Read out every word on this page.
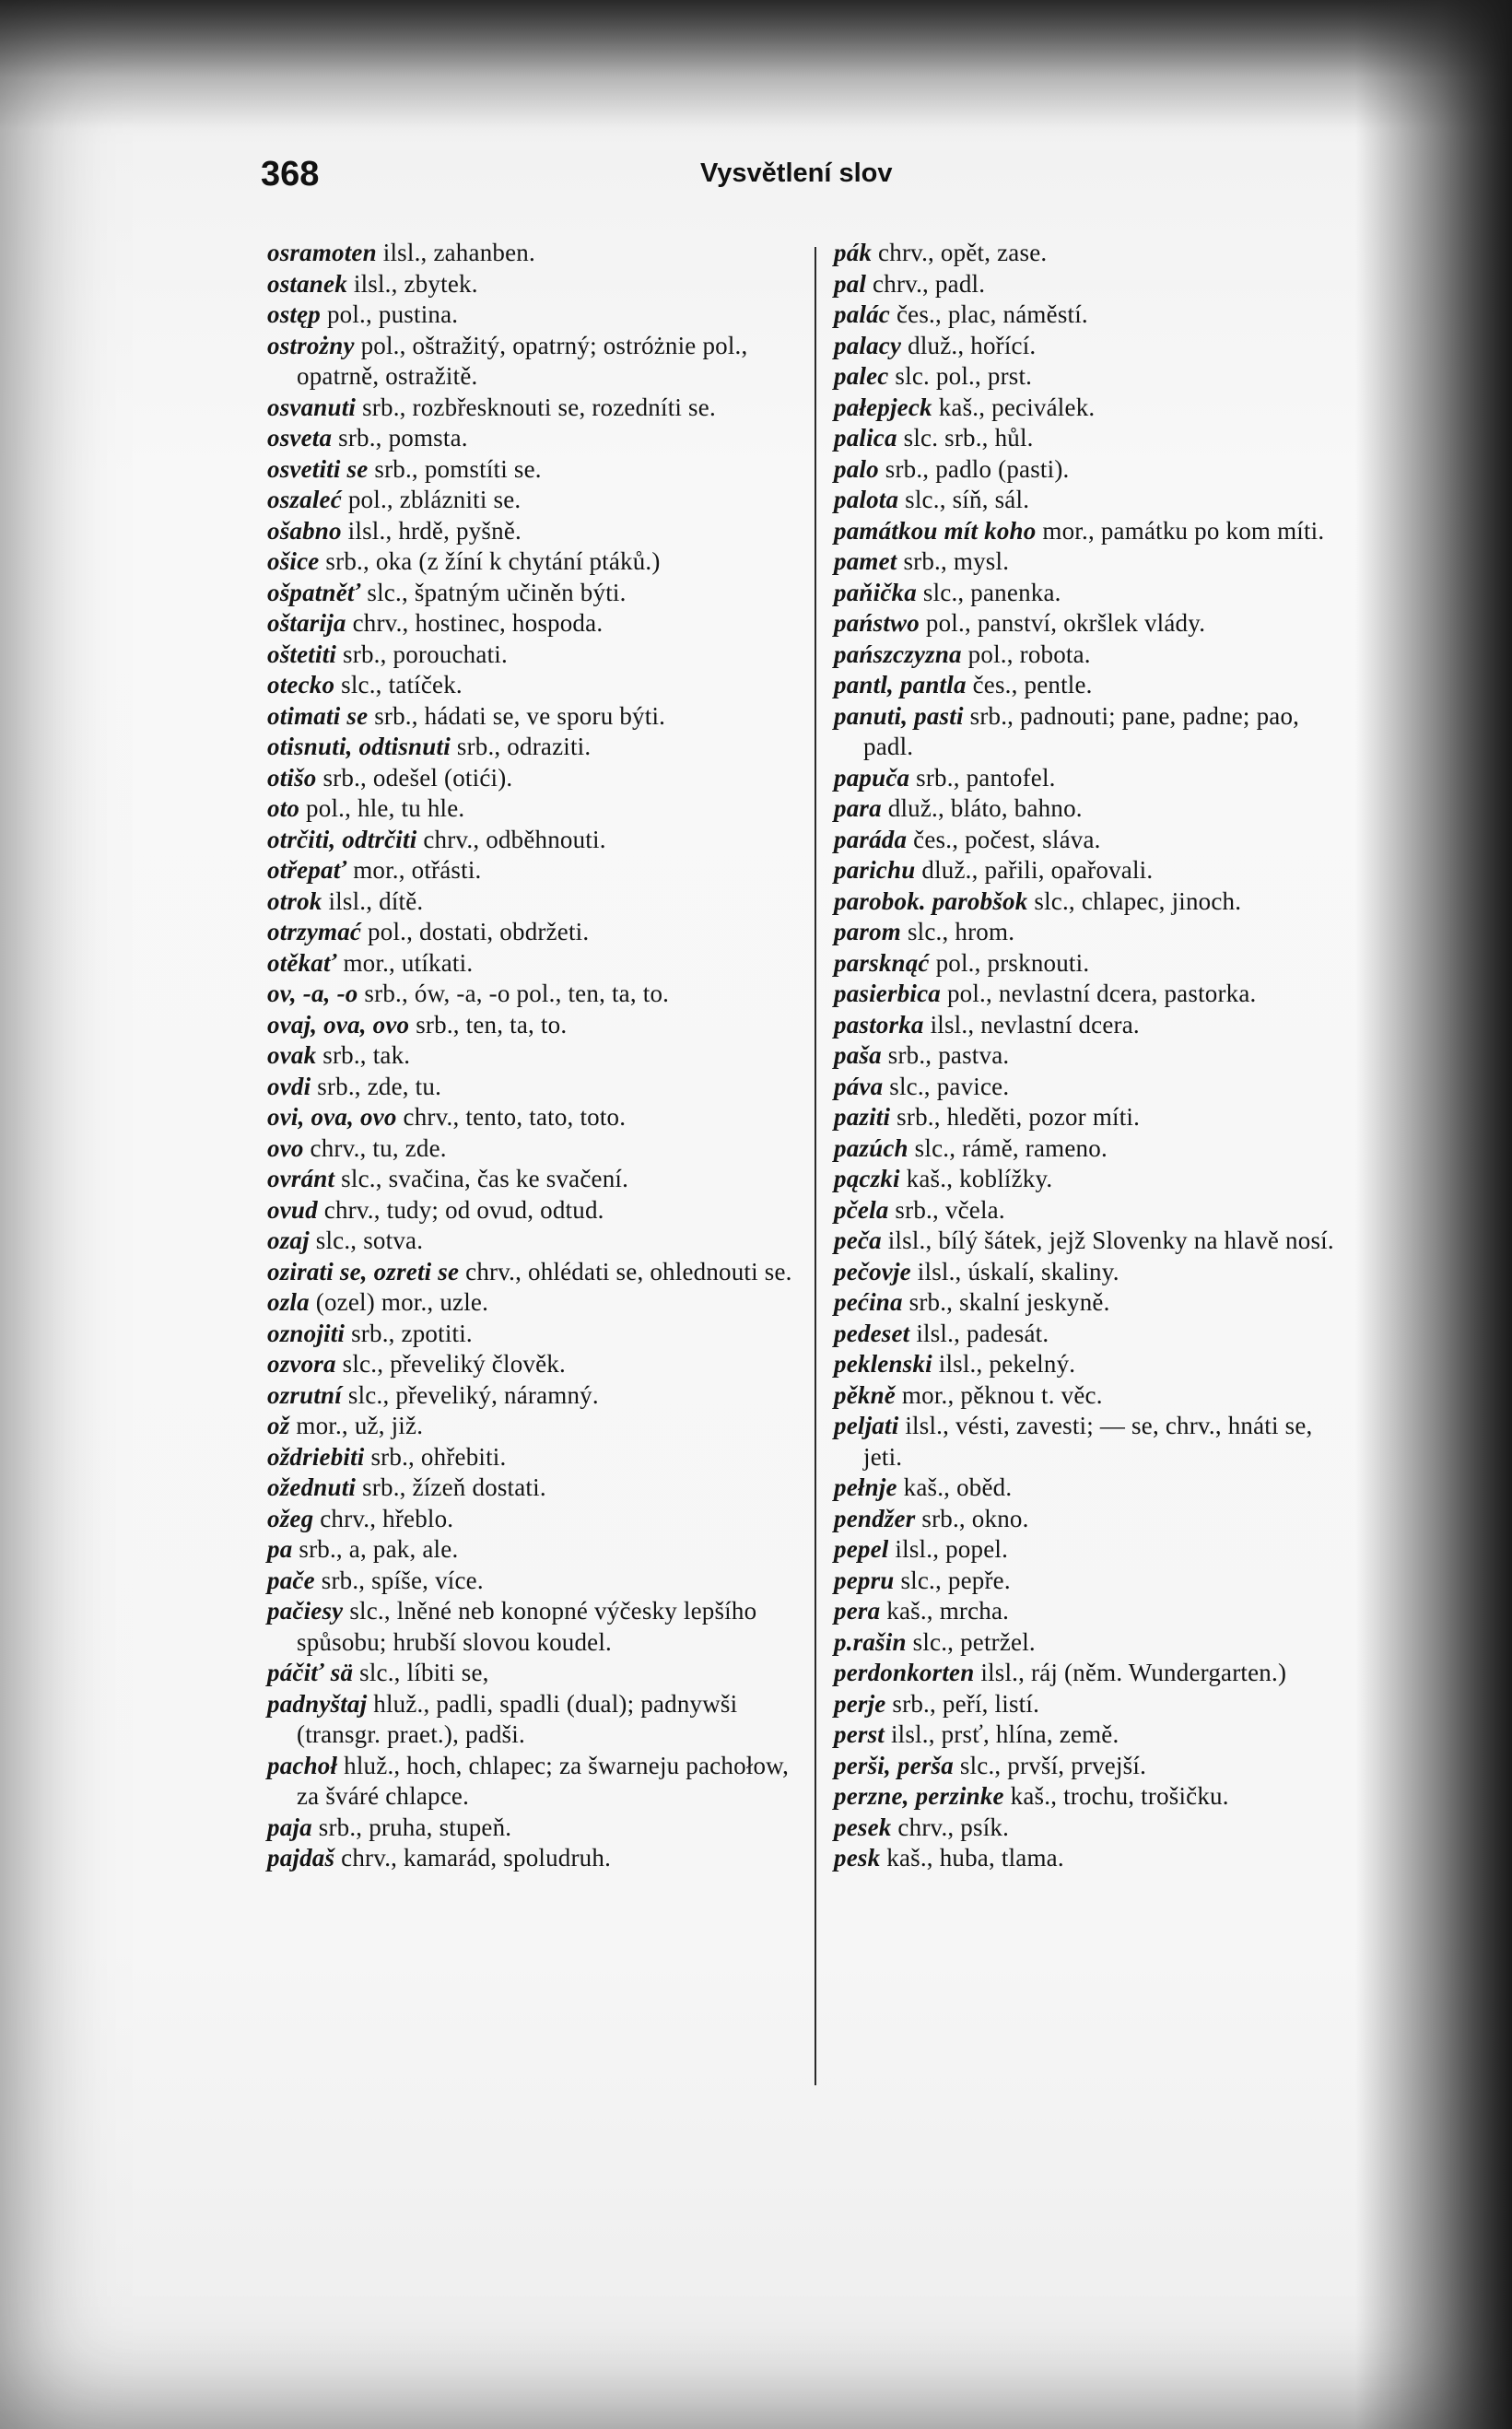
368	Vysvětlení slov

osramoten ilsl., zahanben.

ostanek ilsl., zbytek.

ostęp pol., pustina.

ostrożny pol., oštražitý, opatrný; ostróżnie pol., opatrně, ostražitě.

osvanuti srb., rozbřesknouti se, rozedníti se.

osveta srb., pomsta.

osvetiti se srb., pomstíti se.

oszaleć pol., zblázniti se.

ošabno ilsl., hrdě, pyšně.

ošice srb., oka (z žíní k chytání ptáků.)

ošpatněť slc., špatným učiněn býti.

oštarija chrv., hostinec, hospoda.

oštetiti srb., porouchati.

otecko slc., tatíček.

otimati se srb., hádati se, ve sporu býti.

otisnuti, odtisnuti srb., odraziti.

otišo srb., odešel (otići).

oto pol., hle, tu hle.

otrčiti, odtrčiti chrv., odběhnouti.

otřepať mor., otřásti.

otrok ilsl., dítě.

otrzymać pol., dostati, obdržeti.

otěkať mor., utíkati.

ov, -a, -o srb., ów, -a, -o pol., ten, ta, to.

ovaj, ova, ovo srb., ten, ta, to.

ovak srb., tak.

ovdi srb., zde, tu.

ovi, ova, ovo chrv., tento, tato, toto.

ovo chrv., tu, zde.

ovránt slc., svačina, čas ke svačení.

ovud chrv., tudy; od ovud, odtud.

ozaj slc., sotva.

ozirati se, ozreti se chrv., ohlédati se, ohlednouti se.

ozla (ozel) mor., uzle.

oznojiti srb., zpotiti.

ozvora slc., převeliký člověk.

ozrutní slc., převeliký, náramný.

ož mor., už, již.

oždriebiti srb., ohřebiti.

ožednuti srb., žízeň dostati.

ožeg chrv., hřeblo.

pa srb., a, pak, ale.

pače srb., spíše, více.

pačiesy slc., lněné neb konopné výčesky lepšího spůsobu; hrubší slovou koudel.

páčiť sä slc., líbiti se,

padnyštaj hluž., padli, spadli (dual); padnywši (transgr. praet.), padši.

pachoł hluž., hoch, chlapec; za šwarneju pachołow, za šváré chlapce.

paja srb., pruha, stupeň.

pajdaš chrv., kamarád, spoludruh.

pák chrv., opět, zase.

pal chrv., padl.

palác čes., plac, náměstí.

palacy dluž., hořící.

palec slc. pol., prst.

pałepjeck kaš., peciválek.

palica slc. srb., hůl.

palo srb., padlo (pasti).

palota slc., síň, sál.

památkou mít koho mor., památku po kom míti.

pamet srb., mysl.

paňička slc., panenka.

państwo pol., panství, okršlek vlády.

pańszczyzna pol., robota.

pantl, pantla čes., pentle.

panuti, pasti srb., padnouti; pane, padne; pao, padl.

papuča srb., pantofel.

para dluž., bláto, bahno.

paráda čes., počest, sláva.

parichu dluž., pařili, opařovali.

parobok. parobšok slc., chlapec, jinoch.

parom slc., hrom.

parsknąć pol., prsknouti.

pasierbica pol., nevlastní dcera, pastorka.

pastorka ilsl., nevlastní dcera.

paša srb., pastva.

páva slc., pavice.

paziti srb., hleděti, pozor míti.

pazúch slc., rámě, rameno.

pączki kaš., koblížky.

pčela srb., včela.

peča ilsl., bílý šátek, jejž Slovenky na hlavě nosí.

pečovje ilsl., úskalí, skaliny.

pećina srb., skalní jeskyně.

pedeset ilsl., padesát.

peklenski ilsl., pekelný.

pěkně mor., pěknou t. věc.

peljati ilsl., vésti, zavesti; — se, chrv., hnáti se, jeti.

pełnje kaš., oběd.

pendžer srb., okno.

pepel ilsl., popel.

pepru slc., pepře.

pera kaš., mrcha.

p.rašin slc., petržel.

perdonkorten ilsl., ráj (něm. Wundergarten.)

perje srb., peří, listí.

perst ilsl., prsť, hlína, země.

perši, perša slc., prvší, prvejší.

perzne, perzinke kaš., trochu, trošičku.

pesek chrv., psík.

pesk kaš., huba, tlama.
